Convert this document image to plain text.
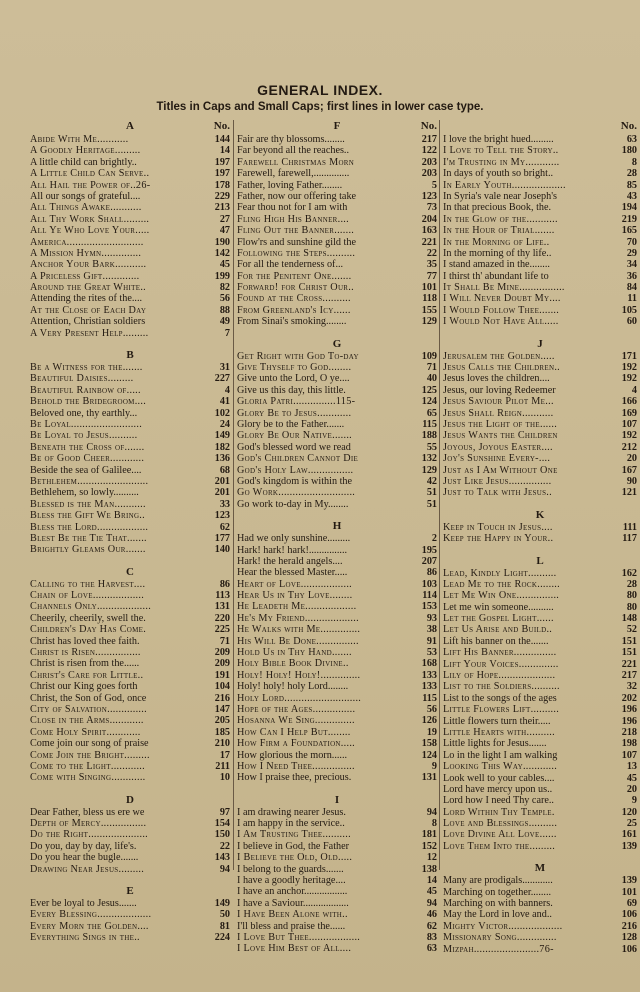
GENERAL INDEX.
Titles in Caps and Small Caps; first lines in lower case type.
A	No.
Abide With Me...........	144
A Goodly Heritage.........	14
A little child can brightly..	197
A Little Child Can Serve..	197
All Hail the Power of..26-	178
All our songs of grateful....	229
All Things Awake...........	213
All Thy Work Shall.........	27
All Ye Who Love Your.....	47
America...........................	190
A Mission Hymn..............	142
Anchor Your Bark...........	45
A Priceless Gift.............	199
Around the Great White..	82
Attending the rites of the....	56
At the Close of Each Day	88
Attention, Christian soldiers	49
A Very Present Help.........	7
B
Be a Witness for the.......	31
Beautiful Daisies.........	227
Beautiful Rainbow of.....	4
Behold the Bridegroom....	41
Beloved one, thy earthly...	102
Be Loyal.........................	24
Be Loyal to Jesus..........	149
Beneath the Cross of.......	182
Be of Good Cheer............	136
Beside the sea of Galilee....	68
Bethlehem.........................	201
Bethlehem, so lowly..........	201
Blessed is the Man...........	33
Bless the Gift We Bring..	123
Bless the Lord..................	62
Blest Be the Tie That.......	177
Brightly Gleams Our.......	140
C
Calling to the Harvest....	86
Chain of Love..................	113
Channels Only...................	131
Cheerily, cheerily, swell the.	220
Children's Day Has Come.	225
Christ has loved thee faith.	71
Christ is Risen................	209
Christ is risen from the......	209
Christ's Care for Little..	191
Christ our King goes forth	104
Christ, the Son of God, once	216
City of Salvation..............	147
Close in the Arms............	205
Come Holy Spirit............	185
Come join our song of praise	210
Come Join the Bright.........	17
Come to the Light............	211
Come with Singing............	10
D
Dear Father, bless us ere we	97
Depth of Mercy................	154
Do the Right.....................	150
Do you, day by day, life's.	22
Do you hear the bugle.......	143
Drawing Near Jesus.........	94
E
Ever be loyal to Jesus.......	149
Every Blessing...................	50
Every Morn the Golden....	81
Everything Sings in the..	224
F	No.
Fair are thy blossoms........	217
Far beyond all the reaches..	122
Farewell Christmas Morn	203
Farewell, farewell,..............	203
Father, loving Father........	5
Father, now our offering take	123
Fear thou not for I am with	73
Fling High His Banner....	204
Fling Out the Banner.......	163
Flow'rs and sunshine gild the	221
Following the Steps..........	22
For all the tenderness of...	35
For the Penitent One.......	77
Forward! for Christ Our..	101
Found at the Cross..........	118
From Greenland's Icy......	155
From Sinai's smoking........	129
G
Get Right with God To-day	109
Give Thyself to God........	71
Give unto the Lord, O ye....	40
Give us this day, this little.	125
Gloria Patri...............115-	124
Glory Be to Jesus............	65
Glory be to the Father.......	115
Glory Be Our Native.......	188
God's blessed word we read	55
God's Children Cannot Die	132
God's Holy Law................	129
God's kingdom is within the	42
Go Work...........................	51
Go work to-day in My........	51
H
Had we only sunshine.........	2
Hark! hark! hark!...............	195
Hark! the herald angels....	207
Hear the blessed Master.....	86
Heart of Love..................	103
Hear Us in Thy Love........	114
He Leadeth Me..................	153
He's My Friend...................	93
He Walks with Me..............	38
His Will Be Done...............	91
Hold Us in Thy Hand.......	53
Holy Bible Book Divine..	168
Holy! Holy! Holy!..............	133
Holy! holy! holy Lord........	133
Holy Lord...........................	115
Hope of the Ages...............	56
Hosanna We Sing..............	126
How Can I Help But........	19
How Firm a Foundation.....	158
How glorious the morn......	124
How I Need Thee...............	9
How I praise thee, precious.	131
I
I am drawing nearer Jesus.	94
I am happy in the service..	8
I Am Trusting Thee..........	181
I believe in God, the Father	152
I Believe the Old, Old.....	12
I belong to the guards.......	138
I have a goodly heritage....	14
I have an anchor.................	45
I have a Saviour..................	94
I Have Been Alone with..	46
I'll bless and praise the......	62
I Love But Thee..................	83
I Love Him Best of All....	63
No.
I love the bright hued.........	63
I Love to Tell the Story..	180
I'm Trusting in My............	8
In days of youth so bright..	28
In Early Youth...................	85
In Syria's vale near Joseph's	43
In that precious Book, the.	194
In the Glow of the...........	219
In the Hour of Trial.......	165
In the Morning of Life..	70
In the morning of thy life..	29
I stand amazed in the........	34
I thirst th' abundant life to	36
It Shall Be Mine................	84
I Will Never Doubt My....	11
I Would Follow Thee.......	105
I Would Not Have All.....	60
J
Jerusalem the Golden.....	171
Jesus Calls the Children..	192
Jesus loves the children....	192
Jesus, our loving Redeemer	4
Jesus Saviour Pilot Me...	166
Jesus Shall Reign...........	169
Jesus the Light of the......	107
Jesus Wants the Children	192
Joyous, Joyous Easter....	212
Joy's Sunshine Every-....	20
Just as I Am Without One	167
Just Like Jesus...............	90
Just to Talk with Jesus..	121
K
Keep in Touch in Jesus....	111
Keep the Happy in Your..	117
L
Lead, Kindly Light..........	162
Lead Me to the Rock........	28
Let Me Win One...............	80
Let me win someone..........	80
Let the Gospel Light......	148
Let Us Arise and Build..	52
Lift his banner on the.......	151
Lift His Banner...............	151
Lift Your Voices..............	221
Lily of Hope....................	217
List to the Soldiers..........	32
List to the songs of the ages	202
Little Flowers Lift..........	196
Little flowers turn their.....	196
Little Hearts with..........	218
Little lights for Jesus.......	198
Lo in the light I am walking	107
Looking This Way............	13
Look well to your cables....	45
Lord have mercy upon us..	20
Lord how I need Thy care..	9
Lord Within Thy Temple.	120
Love and Blessings..........	25
Love Divine All Love......	161
Love Them Into the.........	139
M
Many are prodigals............	139
Marching on together........	101
Marching on with banners.	69
May the Lord in love and..	106
Mighty Victor...................	216
Missionary Song..............	128
Mizpah.......................76-	106
